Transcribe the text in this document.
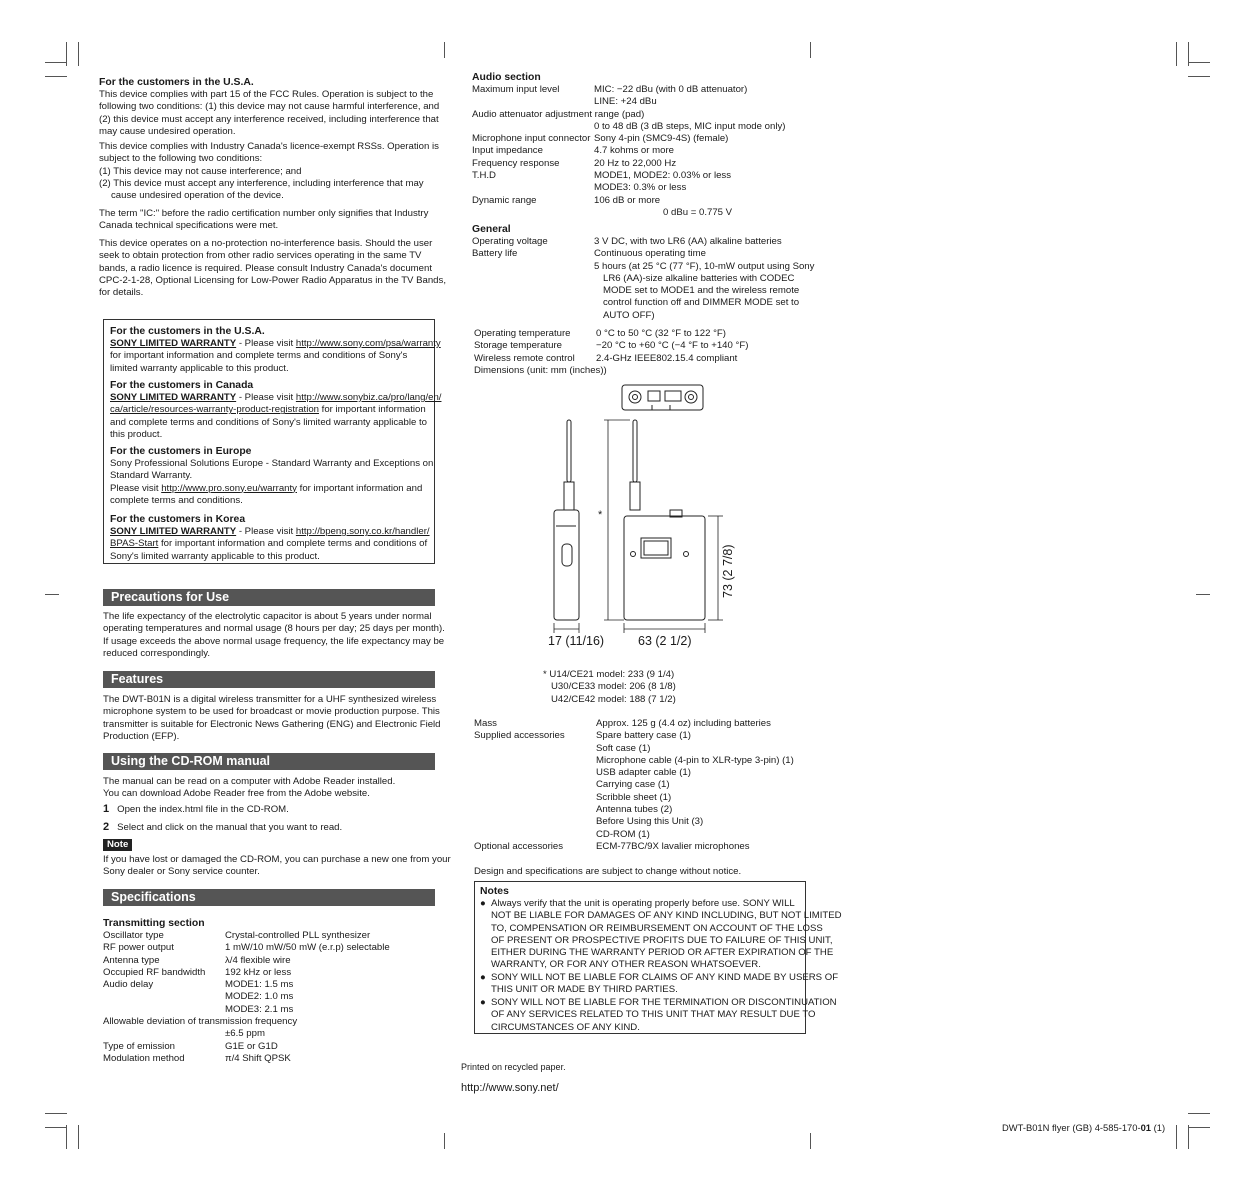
For the customers in the U.S.A.
This device complies with part 15 of the FCC Rules. Operation is subject to the
following two conditions: (1) this device may not cause harmful interference, and
(2) this device must accept any interference received, including interference that
may cause undesired operation.
This device complies with Industry Canada's licence-exempt RSSs. Operation is
subject to the following two conditions:
(1) This device may not cause interference; and
(2) This device must accept any interference, including interference that may
cause undesired operation of the device.
The term "IC:" before the radio certification number only signifies that Industry
Canada technical specifications were met.
This device operates on a no-protection no-interference basis. Should the user
seek to obtain protection from other radio services operating in the same TV
bands, a radio licence is required. Please consult Industry Canada's document
CPC-2-1-28, Optional Licensing for Low-Power Radio Apparatus in the TV Bands,
for details.
For the customers in the U.S.A.
SONY LIMITED WARRANTY - Please visit http://www.sony.com/psa/warranty
for important information and complete terms and conditions of Sony's
limited warranty applicable to this product.
For the customers in Canada
SONY LIMITED WARRANTY - Please visit http://www.sonybiz.ca/pro/lang/en/
ca/article/resources-warranty-product-registration for important information
and complete terms and conditions of Sony's limited warranty applicable to
this product.
For the customers in Europe
Sony Professional Solutions Europe - Standard Warranty and Exceptions on
Standard Warranty.
Please visit http://www.pro.sony.eu/warranty for important information and
complete terms and conditions.
For the customers in Korea
SONY LIMITED WARRANTY - Please visit http://bpeng.sony.co.kr/handler/
BPAS-Start for important information and complete terms and conditions of
Sony's limited warranty applicable to this product.
Precautions for Use
The life expectancy of the electrolytic capacitor is about 5 years under normal
operating temperatures and normal usage (8 hours per day; 25 days per month).
If usage exceeds the above normal usage frequency, the life expectancy may be
reduced correspondingly.
Features
The DWT-B01N is a digital wireless transmitter for a UHF synthesized wireless
microphone system to be used for broadcast or movie production purpose. This
transmitter is suitable for Electronic News Gathering (ENG) and Electronic Field
Production (EFP).
Using the CD-ROM manual
The manual can be read on a computer with Adobe Reader installed.
You can download Adobe Reader free from the Adobe website.
1 Open the index.html file in the CD-ROM.
2 Select and click on the manual that you want to read.
Note
If you have lost or damaged the CD-ROM, you can purchase a new one from your
Sony dealer or Sony service counter.
Specifications
Transmitting section
Oscillator type	Crystal-controlled PLL synthesizer
RF power output	1 mW/10 mW/50 mW (e.r.p) selectable
Antenna type	λ/4 flexible wire
Occupied RF bandwidth 192 kHz or less
Audio delay	MODE1: 1.5 ms
MODE2: 1.0 ms
MODE3: 2.1 ms
Allowable deviation of transmission frequency
±6.5 ppm
Type of emission	G1E or G1D
Modulation method	π/4 Shift QPSK
Audio section
Maximum input level	MIC: −22 dBu (with 0 dB attenuator)
LINE: +24 dBu
Audio attenuator adjustment range (pad)
0 to 48 dB (3 dB steps, MIC input mode only)
Microphone input connector Sony 4-pin (SMC9-4S) (female)
Input impedance	4.7 kohms or more
Frequency response	20 Hz to 22,000 Hz
T.H.D	MODE1, MODE2: 0.03% or less
MODE3: 0.3% or less
Dynamic range	106 dB or more
0 dBu = 0.775 V
General
Operating voltage	3 V DC, with two LR6 (AA) alkaline batteries
Battery life	Continuous operating time
5 hours (at 25 °C (77 °F), 10-mW output using Sony
LR6 (AA)-size alkaline batteries with CODEC
MODE set to MODE1 and the wireless remote
control function off and DIMMER MODE set to
AUTO OFF)
Operating temperature	0 °C to 50 °C (32 °F to 122 °F)
Storage temperature	−20 °C to +60 °C (−4 °F to +140 °F)
Wireless remote control 2.4-GHz IEEE802.15.4 compliant
Dimensions (unit: mm (inches))
*
17 (11/16)	63 (2 1/2)
73 (2 7/8)
* U14/CE21 model: 233 (9 1/4)
U30/CE33 model: 206 (8 1/8)
U42/CE42 model: 188 (7 1/2)
Mass	Approx. 125 g (4.4 oz) including batteries
Supplied accessories	Spare battery case (1)
Soft case (1)
Microphone cable (4-pin to XLR-type 3-pin) (1)
USB adapter cable (1)
Carrying case (1)
Scribble sheet (1)
Antenna tubes (2)
Before Using this Unit (3)
CD-ROM (1)
Optional accessories	ECM-77BC/9X lavalier microphones
Design and specifications are subject to change without notice.
Notes
● Always verify that the unit is operating properly before use. SONY WILL
NOT BE LIABLE FOR DAMAGES OF ANY KIND INCLUDING, BUT NOT LIMITED
TO, COMPENSATION OR REIMBURSEMENT ON ACCOUNT OF THE LOSS
OF PRESENT OR PROSPECTIVE PROFITS DUE TO FAILURE OF THIS UNIT,
EITHER DURING THE WARRANTY PERIOD OR AFTER EXPIRATION OF THE
WARRANTY, OR FOR ANY OTHER REASON WHATSOEVER.
● SONY WILL NOT BE LIABLE FOR CLAIMS OF ANY KIND MADE BY USERS OF
THIS UNIT OR MADE BY THIRD PARTIES.
● SONY WILL NOT BE LIABLE FOR THE TERMINATION OR DISCONTINUATION
OF ANY SERVICES RELATED TO THIS UNIT THAT MAY RESULT DUE TO
CIRCUMSTANCES OF ANY KIND.
Printed on recycled paper.
http://www.sony.net/
DWT-B01N flyer (GB) 4-585-170-01 (1)
